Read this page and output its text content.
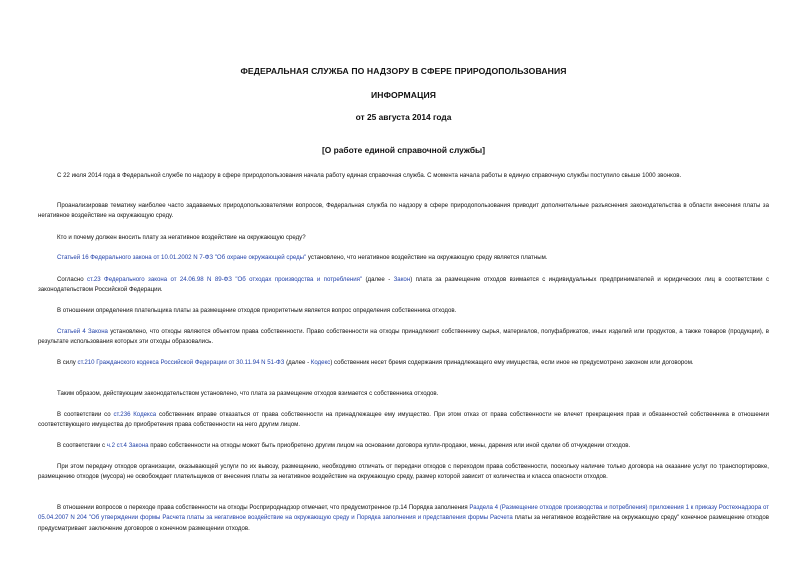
ФЕДЕРАЛЬНАЯ СЛУЖБА ПО НАДЗОРУ В СФЕРЕ ПРИРОДОПОЛЬЗОВАНИЯ
ИНФОРМАЦИЯ
от 25 августа 2014 года
[О работе единой справочной службы]

С 22 июля 2014 года в Федеральной службе по надзору в сфере природопользования начала работу единая справочная служба. С момента начала работы в единую справочную службы поступило свыше 1000 звонков.

Проанализировав тематику наиболее часто задаваемых природопользователями вопросов, Федеральная служба по надзору в сфере природопользования приводит дополнительные разъяснения законодательства в области внесения платы за негативное воздействие на окружающую среду.

Кто и почему должен вносить плату за негативное воздействие на окружающую среду?

Статьей 16 Федерального закона от 10.01.2002 N 7-ФЗ "Об охране окружающей среды" установлено, что негативное воздействие на окружающую среду является платным.

Согласно ст.23 Федерального закона от 24.06.98 N 89-ФЗ "Об отходах производства и потребления" (далее - Закон) плата за размещение отходов взимается с индивидуальных предпринимателей и юридических лиц в соответствии с законодательством Российской Федерации.

В отношении определения плательщика платы за размещение отходов приоритетным является вопрос определения собственника отходов.

Статьей 4 Закона установлено, что отходы являются объектом права собственности. Право собственности на отходы принадлежит собственнику сырья, материалов, полуфабрикатов, иных изделий или продуктов, а также товаров (продукции), в результате использования которых эти отходы образовались.

В силу ст.210 Гражданского кодекса Российской Федерации от 30.11.94 N 51-ФЗ (далее - Кодекс) собственник несет бремя содержания принадлежащего ему имущества, если иное не предусмотрено законом или договором.

Таким образом, действующим законодательством установлено, что плата за размещение отходов взимается с собственника отходов.

В соответствии со ст.236 Кодекса собственник вправе отказаться от права собственности на принадлежащее ему имущество. При этом отказ от права собственности не влечет прекращения прав и обязанностей собственника в отношении соответствующего имущества до приобретения права собственности на него другим лицом.

В соответствии с ч.2 ст.4 Закона право собственности на отходы может быть приобретено другим лицом на основании договора купли-продажи, мены, дарения или иной сделки об отчуждении отходов.

При этом передачу отходов организации, оказывающей услуги по их вывозу, размещению, необходимо отличать от передачи отходов с переходом права собственности, поскольку наличие только договора на оказание услуг по транспортировке, размещению отходов (мусора) не освобождает плательщиков от внесения платы за негативное воздействие на окружающую среду, размер которой зависит от количества и класса опасности отходов.

В отношении вопросов о переходе права собственности на отходы Росприроднадзор отмечает, что предусмотренное гр.14 Порядка заполнения Раздела 4 (Размещение отходов производства и потребления) приложения 1 к приказу Ростехнадзора от 05.04.2007 N 204 "Об утверждении формы Расчета платы за негативное воздействие на окружающую среду и Порядка заполнения и представления формы Расчета платы за негативное воздействие на окружающую среду" конечное размещение отходов предусматривает заключение договоров о конечном размещении отходов.
